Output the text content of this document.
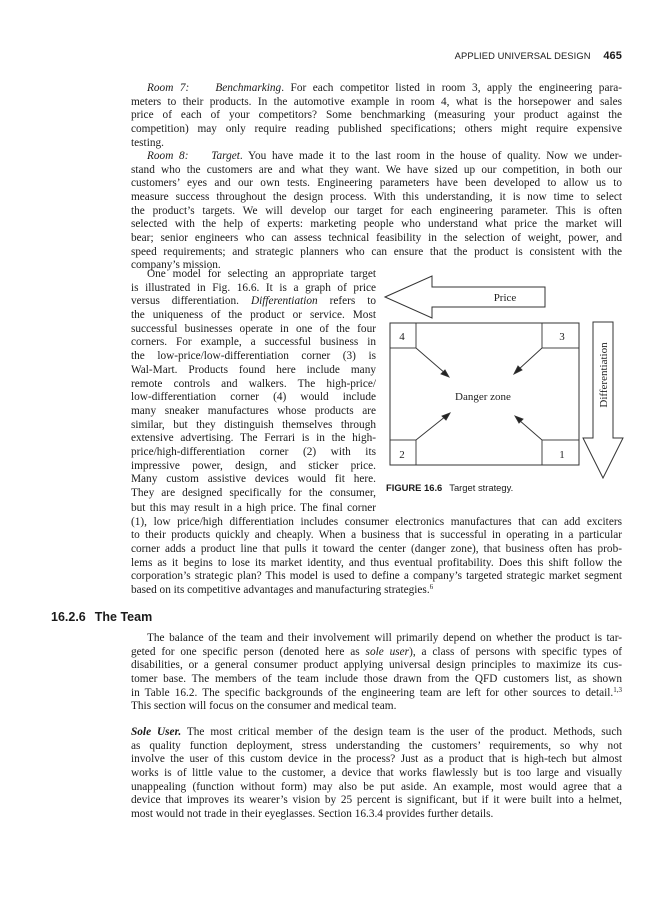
APPLIED UNIVERSAL DESIGN 465
Room 7: Benchmarking. For each competitor listed in room 3, apply the engineering para-
meters to their products. In the automotive example in room 4, what is the horsepower and sales
price of each of your competitors? Some benchmarking (measuring your product against the
competition) may only require reading published specifications; others might require expensive
testing.
Room 8: Target. You have made it to the last room in the house of quality. Now we under-
stand who the customers are and what they want. We have sized up our competition, in both our
customers’ eyes and our own tests. Engineering parameters have been developed to allow us to
measure success throughout the design process. With this understanding, it is now time to select
the product’s targets. We will develop our target for each engineering parameter. This is often
selected with the help of experts: marketing people who understand what price the market will
bear; senior engineers who can assess technical feasibility in the selection of weight, power, and
speed requirements; and strategic planners who can ensure that the product is consistent with the
company’s mission.
One model for selecting an appropriate target
is illustrated in Fig. 16.6. It is a graph of price
versus differentiation. Differentiation refers to
the uniqueness of the product or service. Most
successful businesses operate in one of the four
corners. For example, a successful business in
the low-price/low-differentiation corner (3) is
Wal-Mart. Products found here include many
remote controls and walkers. The high-price/
low-differentiation corner (4) would include
many sneaker manufactures whose products are
similar, but they distinguish themselves through
extensive advertising. The Ferrari is in the high-
price/high-differentiation corner (2) with its
impressive power, design, and sticker price.
Many custom assistive devices would fit here.
They are designed specifically for the consumer,
but this may result in a high price. The final corner
(1), low price/high differentiation includes consumer electronics manufactures that can add exciters
to their products quickly and cheaply. When a business that is successful in operating in a particular
corner adds a product line that pulls it toward the center (danger zone), that business often has prob-
lems as it begins to lose its market identity, and thus eventual profitability. Does this shift follow the
corporation’s strategic plan? This model is used to define a company’s targeted strategic market segment
based on its competitive advantages and manufacturing strategies.$^6$
Price
Differentiation
4	3
2	1
Danger zone
FIGURE 16.6 Target strategy.
16.2.6 The Team
The balance of the team and their involvement will primarily depend on whether the product is tar-
geted for one specific person (denoted here as sole user), a class of persons with specific types of
disabilities, or a general consumer product applying universal design principles to maximize its cus-
tomer base. The members of the team include those drawn from the QFD customers list, as shown
in Table 16.2. The specific backgrounds of the engineering team are left for other sources to detail.$^{1,3}$
This section will focus on the consumer and medical team.
Sole User. The most critical member of the design team is the user of the product. Methods, such
as quality function deployment, stress understanding the customers’ requirements, so why not
involve the user of this custom device in the process? Just as a product that is high-tech but almost
works is of little value to the customer, a device that works flawlessly but is too large and visually
unappealing (function without form) may also be put aside. An example, most would agree that a
device that improves its wearer’s vision by 25 percent is significant, but if it were built into a helmet,
most would not trade in their eyeglasses. Section 16.3.4 provides further details.
